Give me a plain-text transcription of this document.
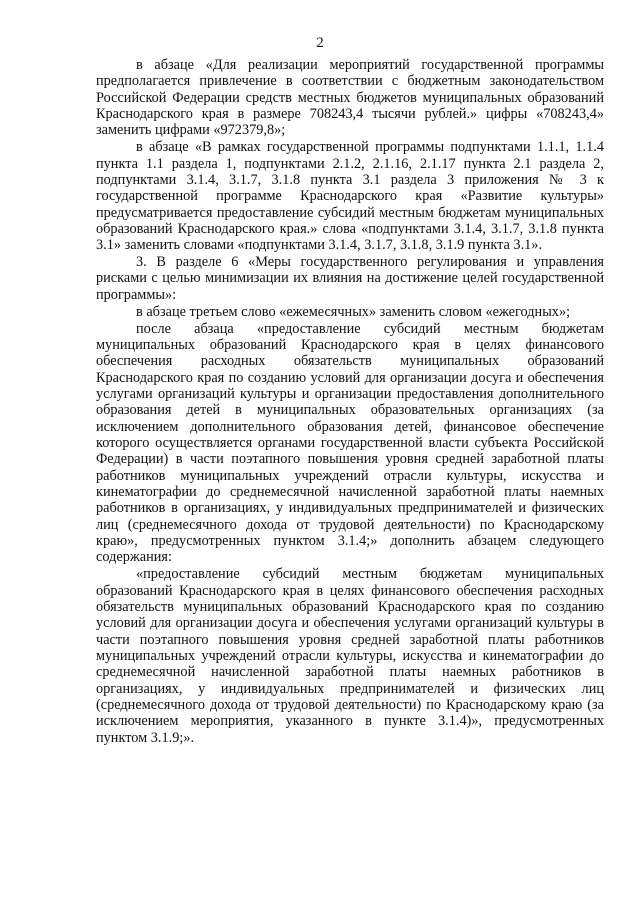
2

в абзаце «Для реализации мероприятий государственной программы предполагается привлечение в соответствии с бюджетным законодательством Российской Федерации средств местных бюджетов муниципальных образований Краснодарского края в размере 708243,4 тысячи рублей.» цифры «708243,4» заменить цифрами «972379,8»;

в абзаце «В рамках государственной программы подпунктами 1.1.1, 1.1.4 пункта 1.1 раздела 1, подпунктами 2.1.2, 2.1.16, 2.1.17 пункта 2.1 раздела 2, подпунктами 3.1.4, 3.1.7, 3.1.8 пункта 3.1 раздела 3 приложения № 3 к государственной программе Краснодарского края «Развитие культуры» предусматривается предоставление субсидий местным бюджетам муниципальных образований Краснодарского края.» слова «подпунктами 3.1.4, 3.1.7, 3.1.8 пункта 3.1» заменить словами «подпунктами 3.1.4, 3.1.7, 3.1.8, 3.1.9 пункта 3.1».

3. В разделе 6 «Меры государственного регулирования и управления рисками с целью минимизации их влияния на достижение целей государственной программы»:

в абзаце третьем слово «ежемесячных» заменить словом «ежегодных»;

после абзаца «предоставление субсидий местным бюджетам муниципальных образований Краснодарского края в целях финансового обеспечения расходных обязательств муниципальных образований Краснодарского края по созданию условий для организации досуга и обеспечения услугами организаций культуры и организации предоставления дополнительного образования детей в муниципальных образовательных организациях (за исключением дополнительного образования детей, финансовое обеспечение которого осуществляется органами государственной власти субъекта Российской Федерации) в части поэтапного повышения уровня средней заработной платы работников муниципальных учреждений отрасли культуры, искусства и кинематографии до среднемесячной начисленной заработной платы наемных работников в организациях, у индивидуальных предпринимателей и физических лиц (среднемесячного дохода от трудовой деятельности) по Краснодарскому краю», предусмотренных пунктом 3.1.4;» дополнить абзацем следующего содержания:

«предоставление субсидий местным бюджетам муниципальных образований Краснодарского края в целях финансового обеспечения расходных обязательств муниципальных образований Краснодарского края по созданию условий для организации досуга и обеспечения услугами организаций культуры в части поэтапного повышения уровня средней заработной платы работников муниципальных учреждений отрасли культуры, искусства и кинематографии до среднемесячной начисленной заработной платы наемных работников в организациях, у индивидуальных предпринимателей и физических лиц (среднемесячного дохода от трудовой деятельности) по Краснодарскому краю (за исключением мероприятия, указанного в пункте 3.1.4)», предусмотренных пунктом 3.1.9;».
